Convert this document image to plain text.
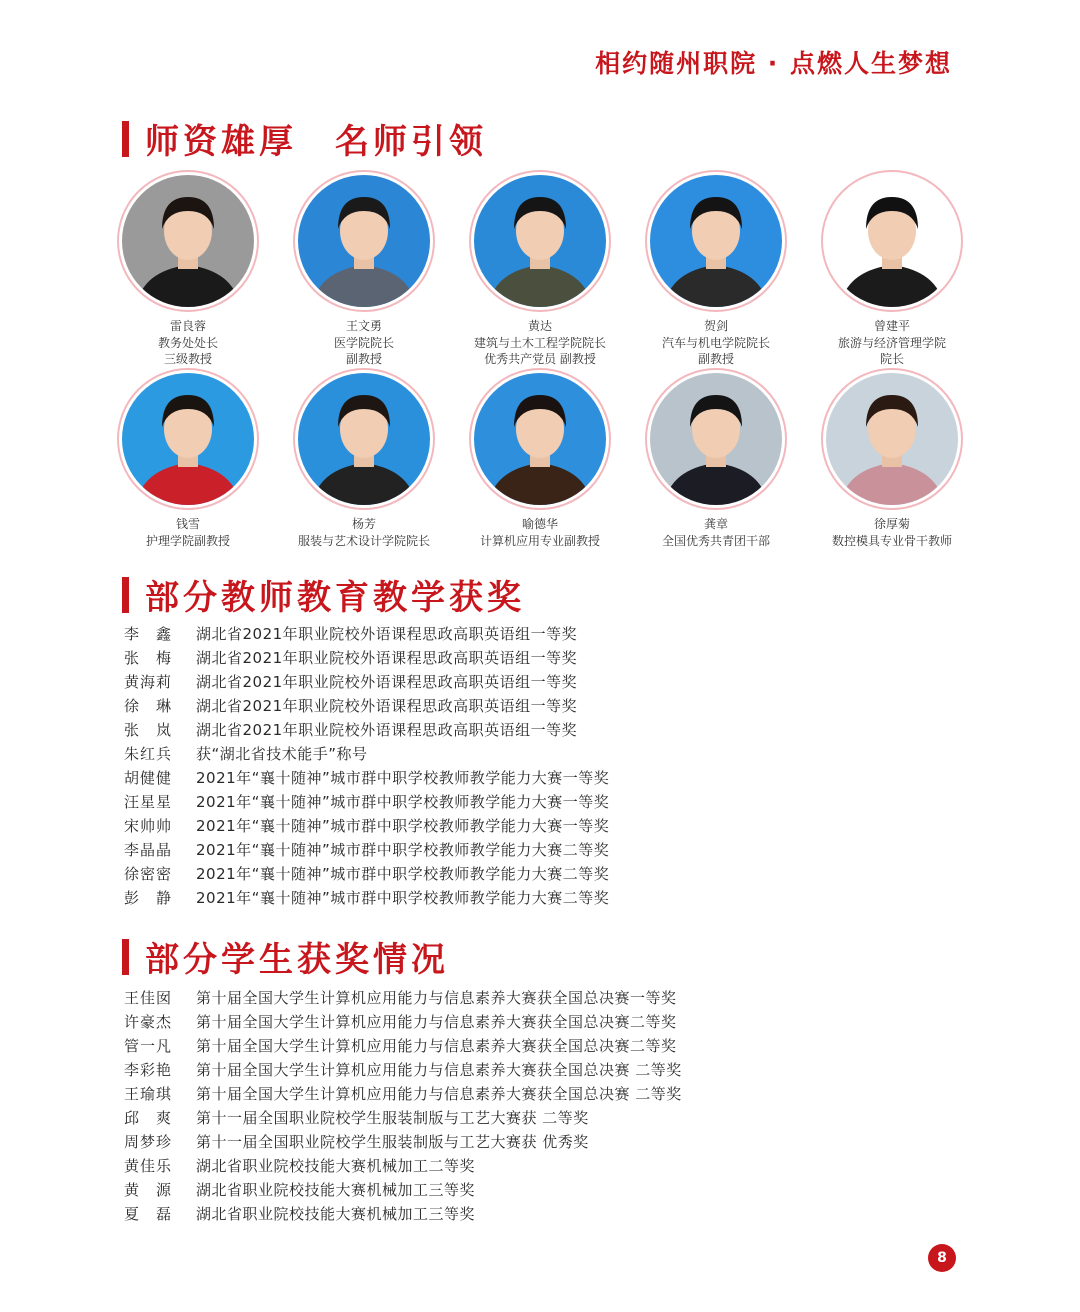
相约随州职院 · 点燃人生梦想
师资雄厚　名师引领
雷良蓉
教务处处长
三级教授
王文勇
医学院院长
副教授
黄达
建筑与土木工程学院院长
优秀共产党员 副教授
贺剑
汽车与机电学院院长
副教授
曾建平
旅游与经济管理学院
院长
钱雪
护理学院副教授
杨芳
服装与艺术设计学院院长
喻德华
计算机应用专业副教授
龚章
全国优秀共青团干部
徐厚菊
数控模具专业骨干教师
部分教师教育教学获奖
李　鑫	湖北省2021年职业院校外语课程思政高职英语组一等奖
张　梅	湖北省2021年职业院校外语课程思政高职英语组一等奖
黄海莉	湖北省2021年职业院校外语课程思政高职英语组一等奖
徐　琳	湖北省2021年职业院校外语课程思政高职英语组一等奖
张　岚	湖北省2021年职业院校外语课程思政高职英语组一等奖
朱红兵	获“湖北省技术能手”称号
胡健健	2021年“襄十随神”城市群中职学校教师教学能力大赛一等奖
汪星星	2021年“襄十随神”城市群中职学校教师教学能力大赛一等奖
宋帅帅	2021年“襄十随神”城市群中职学校教师教学能力大赛一等奖
李晶晶	2021年“襄十随神”城市群中职学校教师教学能力大赛二等奖
徐密密	2021年“襄十随神”城市群中职学校教师教学能力大赛二等奖
彭　静	2021年“襄十随神”城市群中职学校教师教学能力大赛二等奖
部分学生获奖情况
王佳囡	第十届全国大学生计算机应用能力与信息素养大赛获全国总决赛一等奖
许豪杰	第十届全国大学生计算机应用能力与信息素养大赛获全国总决赛二等奖
管一凡	第十届全国大学生计算机应用能力与信息素养大赛获全国总决赛二等奖
李彩艳	第十届全国大学生计算机应用能力与信息素养大赛获全国总决赛 二等奖
王瑜琪	第十届全国大学生计算机应用能力与信息素养大赛获全国总决赛 二等奖
邱　爽	第十一届全国职业院校学生服装制版与工艺大赛获 二等奖
周梦珍	第十一届全国职业院校学生服装制版与工艺大赛获 优秀奖
黄佳乐	湖北省职业院校技能大赛机械加工二等奖
黄　源	湖北省职业院校技能大赛机械加工三等奖
夏　磊	湖北省职业院校技能大赛机械加工三等奖
8
